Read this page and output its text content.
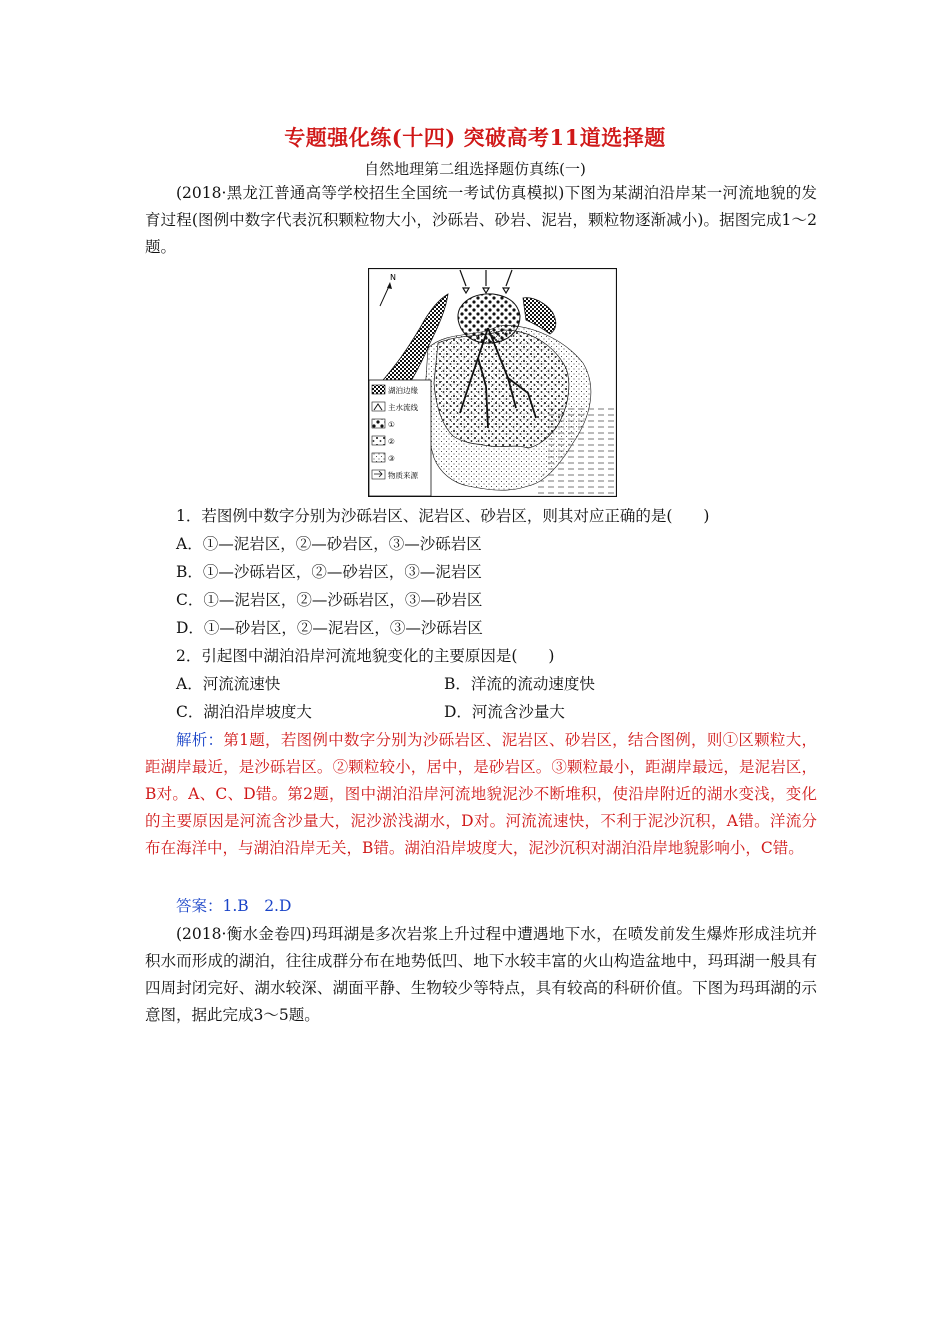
专题强化练(十四) 突破高考11道选择题
自然地理第二组选择题仿真练(一)
(2018·黑龙江普通高等学校招生全国统一考试仿真模拟)下图为某湖泊沿岸某一河流地貌的发育过程(图例中数字代表沉积颗粒物大小，沙砾岩、砂岩、泥岩，颗粒物逐渐减小)。据图完成1～2题。
N
湖泊边缘
主水流线
①
②
③
物质来源
1．若图例中数字分别为沙砾岩区、泥岩区、砂岩区，则其对应正确的是(　　)
A．①—泥岩区，②—砂岩区，③—沙砾岩区
B．①—沙砾岩区，②—砂岩区，③—泥岩区
C．①—泥岩区，②—沙砾岩区，③—砂岩区
D．①—砂岩区，②—泥岩区，③—沙砾岩区
2．引起图中湖泊沿岸河流地貌变化的主要原因是(　　)
A．河流流速快	B．洋流的流动速度快
C．湖泊沿岸坡度大	D．河流含沙量大
解析：第1题，若图例中数字分别为沙砾岩区、泥岩区、砂岩区，结合图例，则①区颗粒大，距湖岸最近，是沙砾岩区。②颗粒较小，居中，是砂岩区。③颗粒最小，距湖岸最远，是泥岩区，B对。A、C、D错。第2题，图中湖泊沿岸河流地貌泥沙不断堆积，使沿岸附近的湖水变浅，变化的主要原因是河流含沙量大，泥沙淤浅湖水，D对。河流流速快，不利于泥沙沉积，A错。洋流分布在海洋中，与湖泊沿岸无关，B错。湖泊沿岸坡度大，泥沙沉积对湖泊沿岸地貌影响小，C错。
答案：1.B　2.D
(2018·衡水金卷四)玛珥湖是多次岩浆上升过程中遭遇地下水，在喷发前发生爆炸形成洼坑并积水而形成的湖泊，往往成群分布在地势低凹、地下水较丰富的火山构造盆地中，玛珥湖一般具有四周封闭完好、湖水较深、湖面平静、生物较少等特点，具有较高的科研价值。下图为玛珥湖的示意图，据此完成3～5题。
